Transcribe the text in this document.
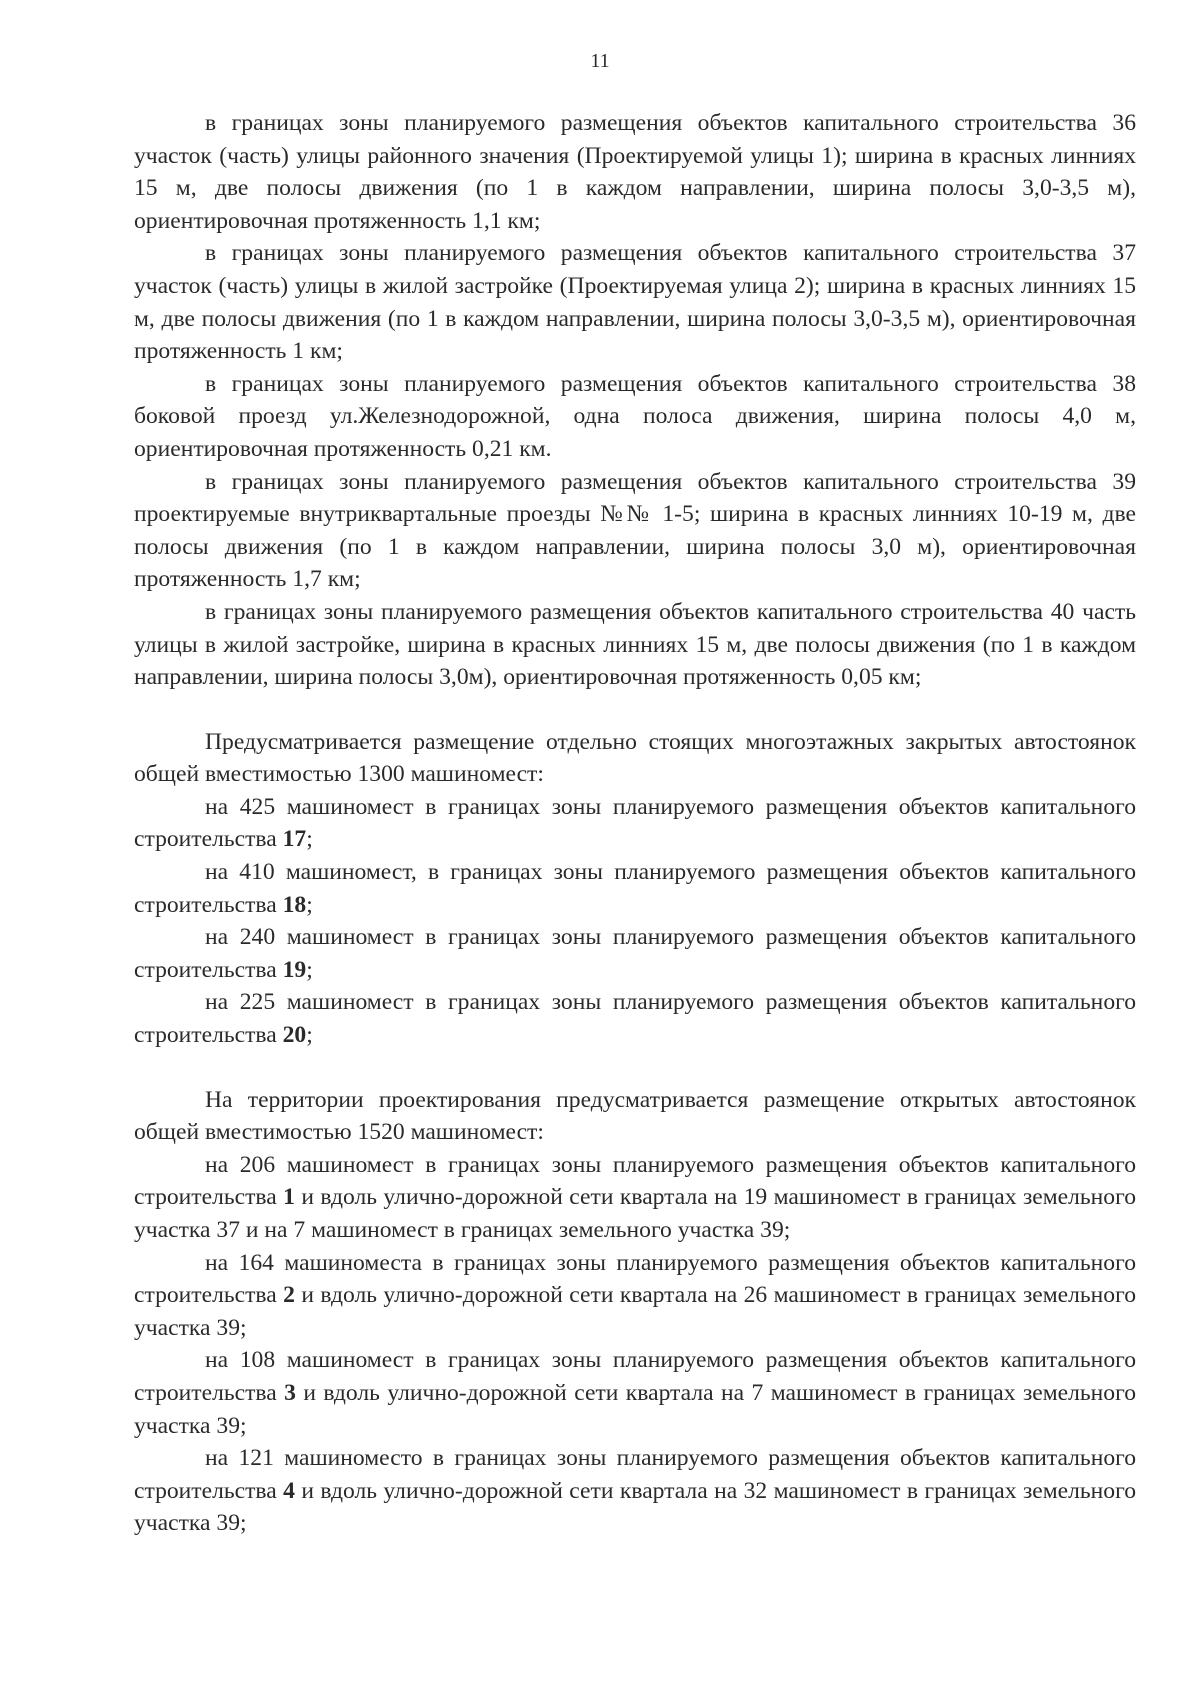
11

в границах зоны планируемого размещения объектов капитального строительства 36 участок (часть) улицы районного значения (Проектируемой улицы 1); ширина в красных линниях 15 м, две полосы движения (по 1 в каждом направлении, ширина полосы 3,0-3,5 м), ориентировочная протяженность 1,1 км;

в границах зоны планируемого размещения объектов капитального строительства 37 участок (часть) улицы в жилой застройке (Проектируемая улица 2); ширина в красных линниях 15 м, две полосы движения (по 1 в каждом направлении, ширина полосы 3,0-3,5 м), ориентировочная протяженность 1 км;

в границах зоны планируемого размещения объектов капитального строительства 38 боковой проезд ул.Железнодорожной, одна полоса движения, ширина полосы 4,0 м, ориентировочная протяженность 0,21 км.

в границах зоны планируемого размещения объектов капитального строительства 39 проектируемые внутриквартальные проезды №№ 1-5; ширина в красных линниях 10-19 м, две полосы движения (по 1 в каждом направлении, ширина полосы 3,0 м), ориентировочная протяженность 1,7 км;

в границах зоны планируемого размещения объектов капитального строительства 40 часть улицы в жилой застройке, ширина в красных линниях 15 м, две полосы движения (по 1 в каждом направлении, ширина полосы 3,0м), ориентировочная протяженность 0,05 км;

Предусматривается размещение отдельно стоящих многоэтажных закрытых автостоянок общей вместимостью 1300 машиномест:

на 425 машиномест в границах зоны планируемого размещения объектов капитального строительства 17;

на 410 машиномест, в границах зоны планируемого размещения объектов капитального строительства 18;

на 240 машиномест в границах зоны планируемого размещения объектов капитального строительства 19;

на 225 машиномест в границах зоны планируемого размещения объектов капитального строительства 20;

На территории проектирования предусматривается размещение открытых автостоянок общей вместимостью 1520 машиномест:

на 206 машиномест в границах зоны планируемого размещения объектов капитального строительства 1 и вдоль улично-дорожной сети квартала на 19 машиномест в границах земельного участка 37 и на 7 машиномест в границах земельного участка 39;

на 164 машиноместа в границах зоны планируемого размещения объектов капитального строительства 2 и вдоль улично-дорожной сети квартала на 26 машиномест в границах земельного участка 39;

на 108 машиномест в границах зоны планируемого размещения объектов капитального строительства 3 и вдоль улично-дорожной сети квартала на 7 машиномест в границах земельного участка 39;

на 121 машиноместо в границах зоны планируемого размещения объектов капитального строительства 4 и вдоль улично-дорожной сети квартала на 32 машиномест в границах земельного участка 39;
